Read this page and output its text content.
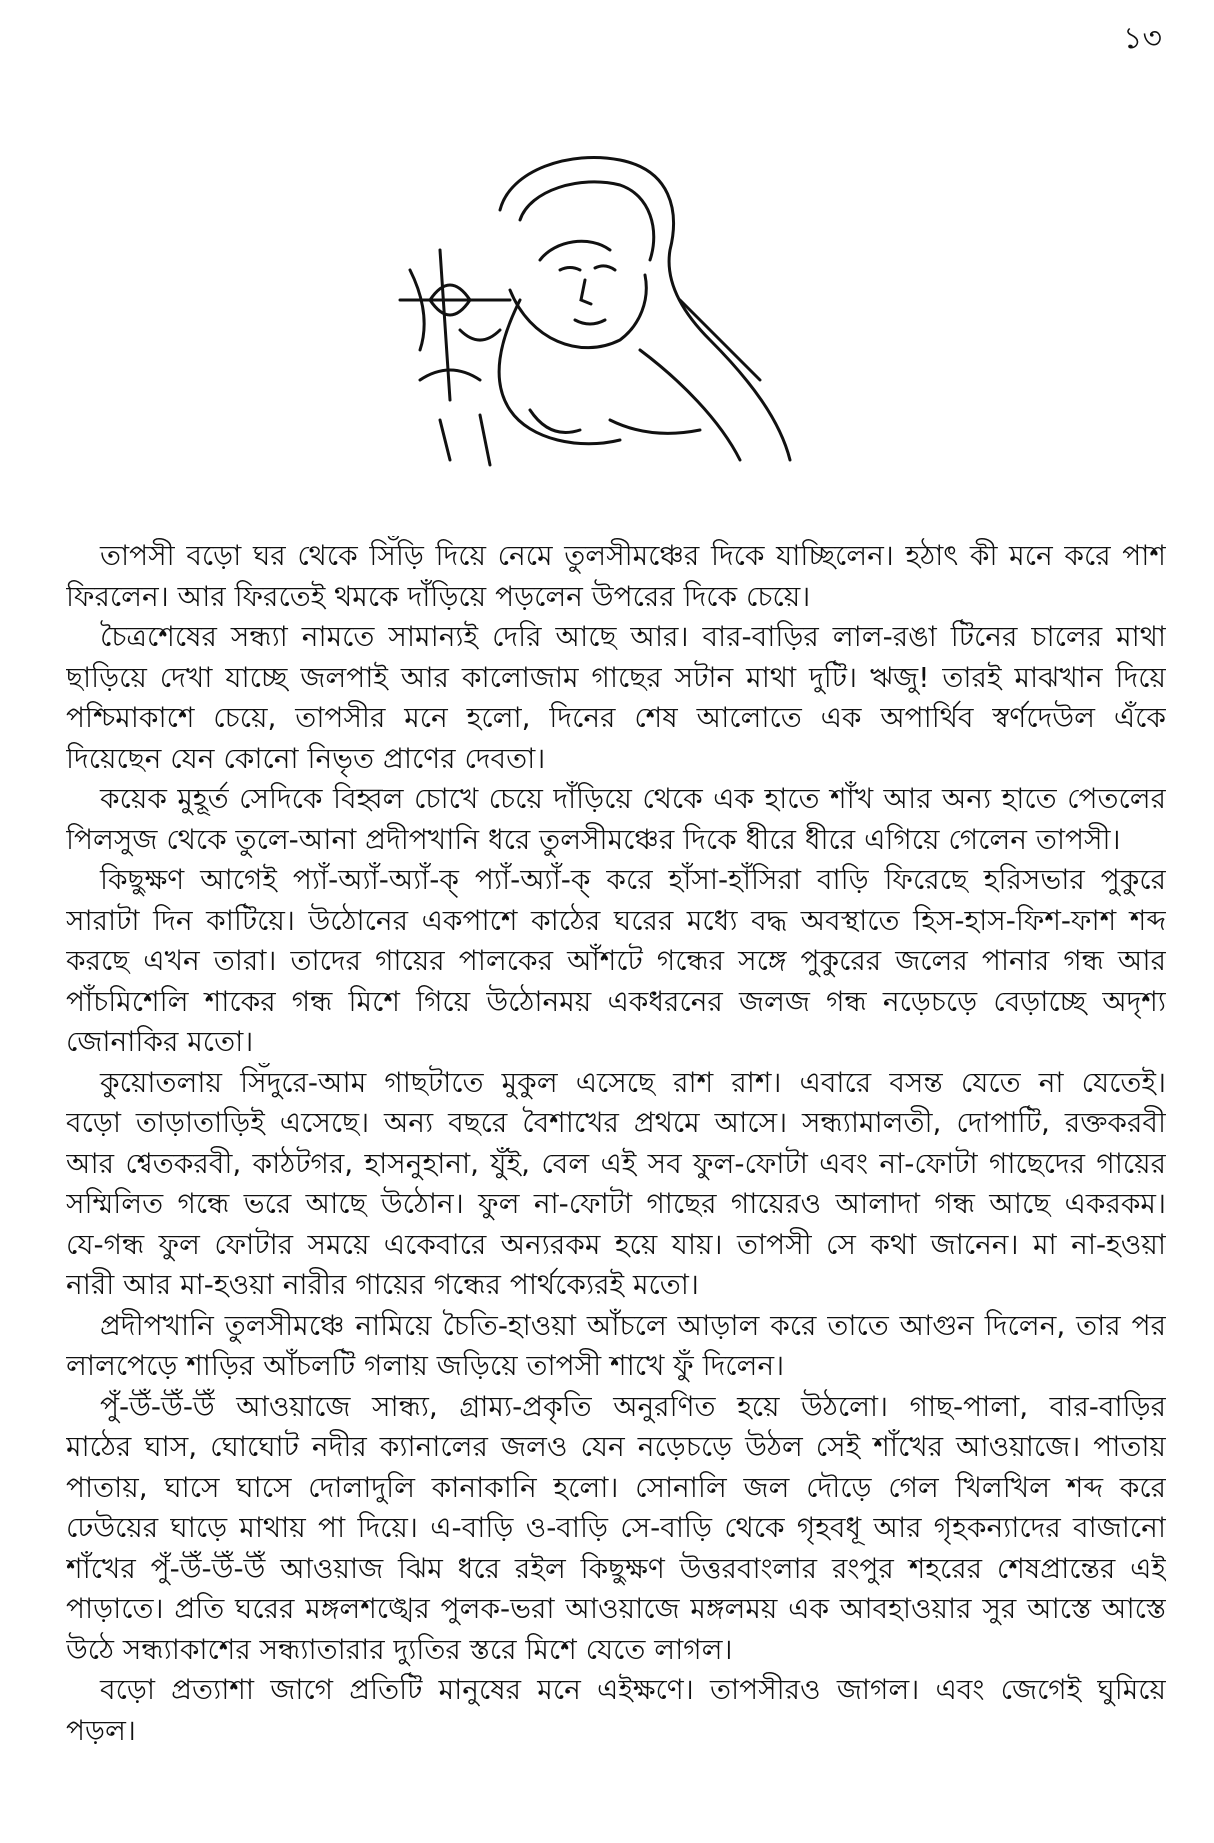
১৩
তাপসী বড়ো ঘর থেকে সিঁড়ি দিয়ে নেমে তুলসীমঞ্চের দিকে যাচ্ছিলেন। হঠাৎ কী মনে করে পাশ
ফিরলেন। আর ফিরতেই থমকে দাঁড়িয়ে পড়লেন উপরের দিকে চেয়ে।
চৈত্রশেষের সন্ধ্যা নামতে সামান্যই দেরি আছে আর। বার-বাড়ির লাল-রঙা টিনের চালের মাথা
ছাড়িয়ে দেখা যাচ্ছে জলপাই আর কালোজাম গাছের সটান মাথা দুটি। ঋজু! তারই মাঝখান দিয়ে
পশ্চিমাকাশে চেয়ে, তাপসীর মনে হলো, দিনের শেষ আলোতে এক অপার্থিব স্বর্ণদেউল এঁকে
দিয়েছেন যেন কোনো নিভৃত প্রাণের দেবতা।
কয়েক মুহূর্ত সেদিকে বিহ্বল চোখে চেয়ে দাঁড়িয়ে থেকে এক হাতে শাঁখ আর অন্য হাতে পেতলের
পিলসুজ থেকে তুলে-আনা প্রদীপখানি ধরে তুলসীমঞ্চের দিকে ধীরে ধীরে এগিয়ে গেলেন তাপসী।
কিছুক্ষণ আগেই প্যাঁ-অ্যাঁ-অ্যাঁ-ক্ প্যাঁ-অ্যাঁ-ক্ করে হাঁসা-হাঁসিরা বাড়ি ফিরেছে হরিসভার পুকুরে
সারাটা দিন কাটিয়ে। উঠোনের একপাশে কাঠের ঘরের মধ্যে বদ্ধ অবস্থাতে হিস-হাস-ফিশ-ফাশ শব্দ
করছে এখন তারা। তাদের গায়ের পালকের আঁশটে গন্ধের সঙ্গে পুকুরের জলের পানার গন্ধ আর
পাঁচমিশেলি শাকের গন্ধ মিশে গিয়ে উঠোনময় একধরনের জলজ গন্ধ নড়েচড়ে বেড়াচ্ছে অদৃশ্য
জোনাকির মতো।
কুয়োতলায় সিঁদুরে-আম গাছটাতে মুকুল এসেছে রাশ রাশ। এবারে বসন্ত যেতে না যেতেই।
বড়ো তাড়াতাড়িই এসেছে। অন্য বছরে বৈশাখের প্রথমে আসে। সন্ধ্যামালতী, দোপাটি, রক্তকরবী
আর শ্বেতকরবী, কাঠটগর, হাসনুহানা, যুঁই, বেল এই সব ফুল-ফোটা এবং না-ফোটা গাছেদের গায়ের
সম্মিলিত গন্ধে ভরে আছে উঠোন। ফুল না-ফোটা গাছের গায়েরও আলাদা গন্ধ আছে একরকম।
যে-গন্ধ ফুল ফোটার সময়ে একেবারে অন্যরকম হয়ে যায়। তাপসী সে কথা জানেন। মা না-হওয়া
নারী আর মা-হওয়া নারীর গায়ের গন্ধের পার্থক্যেরই মতো।
প্রদীপখানি তুলসীমঞ্চে নামিয়ে চৈতি-হাওয়া আঁচলে আড়াল করে তাতে আগুন দিলেন, তার পর
লালপেড়ে শাড়ির আঁচলটি গলায় জড়িয়ে তাপসী শাখে ফুঁ দিলেন।
পুঁ-উঁ-উঁ-উঁ আওয়াজে সান্ধ্য, গ্রাম্য-প্রকৃতি অনুরণিত হয়ে উঠলো। গাছ-পালা, বার-বাড়ির
মাঠের ঘাস, ঘোঘোট নদীর ক্যানালের জলও যেন নড়েচড়ে উঠল সেই শাঁখের আওয়াজে। পাতায়
পাতায়, ঘাসে ঘাসে দোলাদুলি কানাকানি হলো। সোনালি জল দৌড়ে গেল খিলখিল শব্দ করে
ঢেউয়ের ঘাড়ে মাথায় পা দিয়ে। এ-বাড়ি ও-বাড়ি সে-বাড়ি থেকে গৃহবধূ আর গৃহকন্যাদের বাজানো
শাঁখের পুঁ-উঁ-উঁ-উঁ আওয়াজ ঝিম ধরে রইল কিছুক্ষণ উত্তরবাংলার রংপুর শহরের শেষপ্রান্তের এই
পাড়াতে। প্রতি ঘরের মঙ্গলশঙ্খের পুলক-ভরা আওয়াজে মঙ্গলময় এক আবহাওয়ার সুর আস্তে আস্তে
উঠে সন্ধ্যাকাশের সন্ধ্যাতারার দ্যুতির স্তরে মিশে যেতে লাগল।
বড়ো প্রত্যাশা জাগে প্রতিটি মানুষের মনে এইক্ষণে। তাপসীরও জাগল। এবং জেগেই ঘুমিয়ে
পড়ল।
